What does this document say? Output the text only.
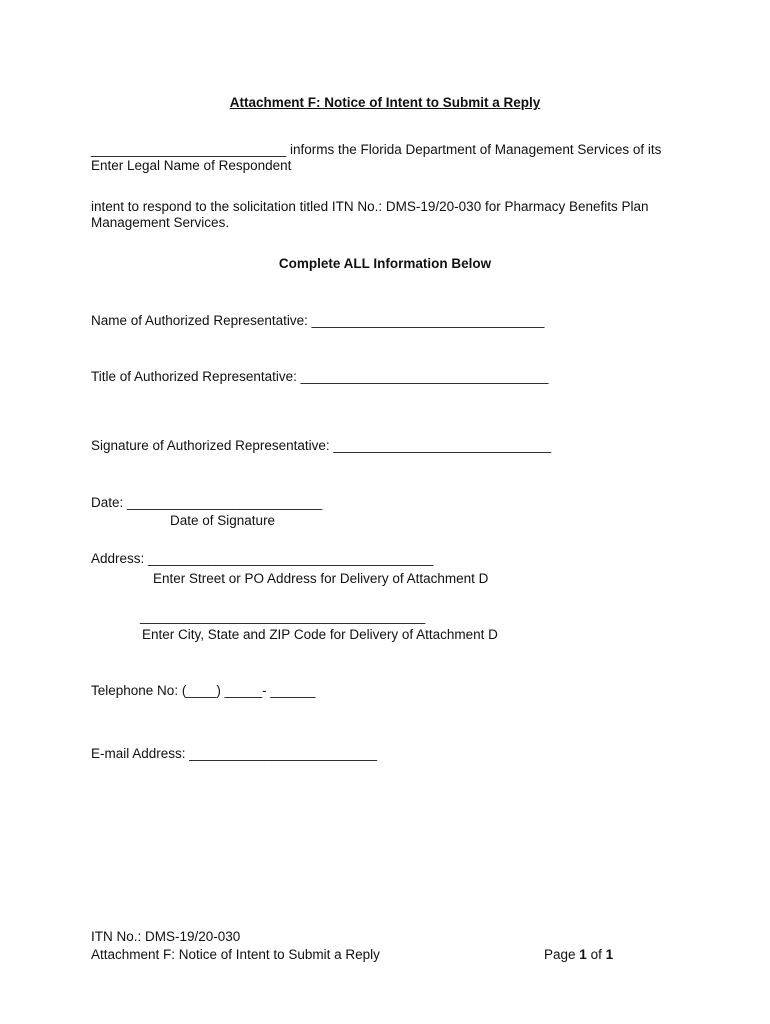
Attachment F: Notice of Intent to Submit a Reply
__________________________ informs the Florida Department of Management Services of its
Enter Legal Name of Respondent
intent to respond to the solicitation titled ITN No.: DMS-19/20-030 for Pharmacy Benefits Plan
Management Services.
Complete ALL Information Below
Name of Authorized Representative: _______________________________
Title of Authorized Representative: _________________________________
Signature of Authorized Representative: _____________________________
Date: __________________________
Date of Signature
Address: ______________________________________
Enter Street or PO Address for Delivery of Attachment D
______________________________________
Enter City, State and ZIP Code for Delivery of Attachment D
Telephone No: (____) _____- ______
E-mail Address: _________________________
ITN No.: DMS-19/20-030
Attachment F: Notice of Intent to Submit a Reply	Page 1 of 1
